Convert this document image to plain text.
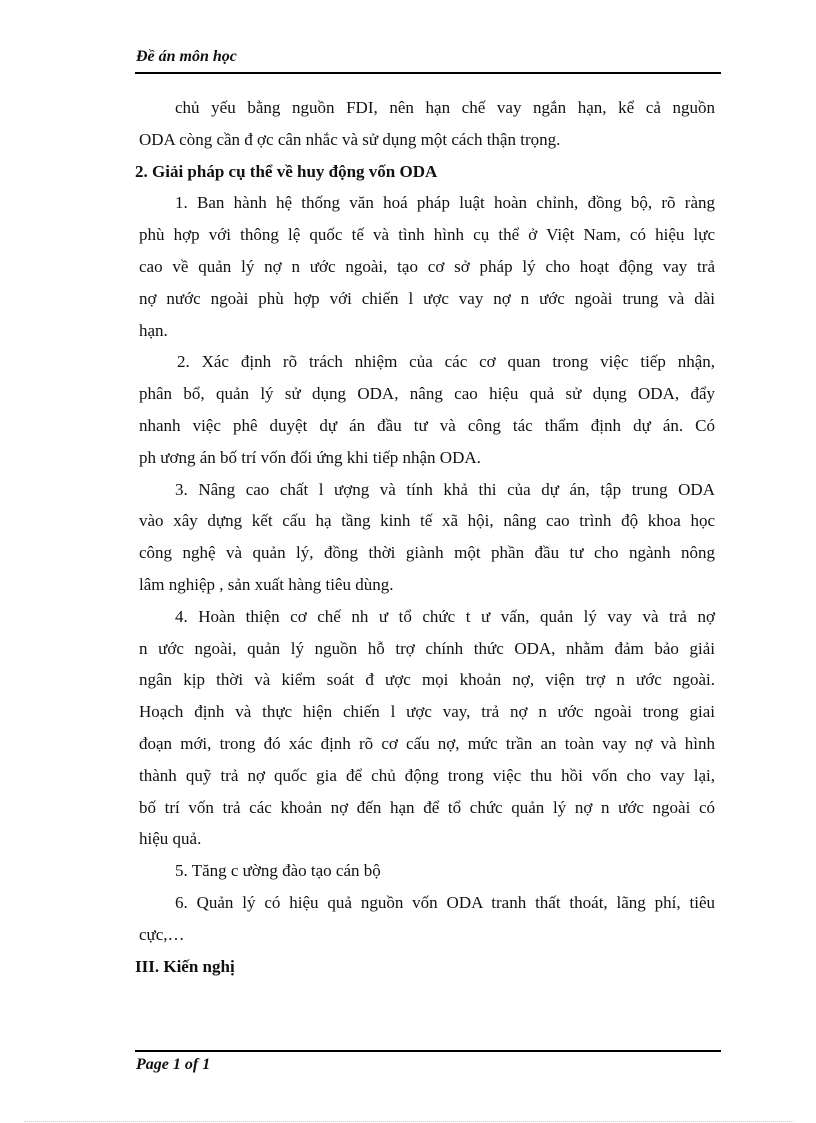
Đề án môn học
chủ yếu bằng nguồn FDI, nên hạn chế vay ngắn hạn, kể cả nguồn
ODA còng cần đ ợc cân nhắc và sử dụng một cách thận trọng.
2. Giải pháp cụ thể về huy động vốn ODA
1. Ban hành hệ thống văn hoá pháp luật hoàn chỉnh, đồng bộ, rõ ràng
phù hợp với thông lệ quốc tế và tình hình cụ thể ở Việt Nam, có hiệu lực
cao về quản lý nợ n ước ngoài, tạo cơ sở pháp lý cho hoạt động vay trả
nợ nước ngoài phù hợp với chiến l ược vay nợ n ước ngoài trung và dài
hạn.
2. Xác định rõ trách nhiệm của các cơ quan trong việc tiếp nhận,
phân bổ, quản lý sử dụng ODA, nâng cao hiệu quả sử dụng ODA, đẩy
nhanh việc phê duyệt dự án đầu tư và công tác thẩm định dự án. Có
ph ương án bố trí vốn đối ứng khi tiếp nhận ODA.
3. Nâng cao chất l ượng và tính khả thi của dự án, tập trung ODA
vào xây dựng kết cấu hạ tầng kinh tế xã hội, nâng cao trình độ khoa học
công nghệ và quản lý, đồng thời giành một phần đầu tư cho ngành nông
lâm nghiệp , sản xuất hàng tiêu dùng.
4. Hoàn thiện cơ chế nh ư tổ chức t ư vấn, quản lý vay và trả nợ
n ước ngoài, quản lý nguồn hỗ trợ chính thức ODA, nhằm đảm bảo giải
ngân kịp thời và kiểm soát đ ược mọi khoản nợ, viện trợ n ước ngoài.
Hoạch định và thực hiện chiến l ược vay, trả nợ n ước ngoài trong giai
đoạn mới, trong đó xác định rõ cơ cấu nợ, mức trần an toàn vay nợ và hình
thành quỹ trả nợ quốc gia để chủ động trong việc thu hồi vốn cho vay lại,
bố trí vốn trả các khoản nợ đến hạn để tổ chức quản lý nợ n ước ngoài có
hiệu quả.
5. Tăng c ường đào tạo cán bộ
6. Quản lý có hiệu quả nguồn vốn ODA tranh thất thoát, lãng phí, tiêu
cực,…
III. Kiến nghị
Page 1 of 1
